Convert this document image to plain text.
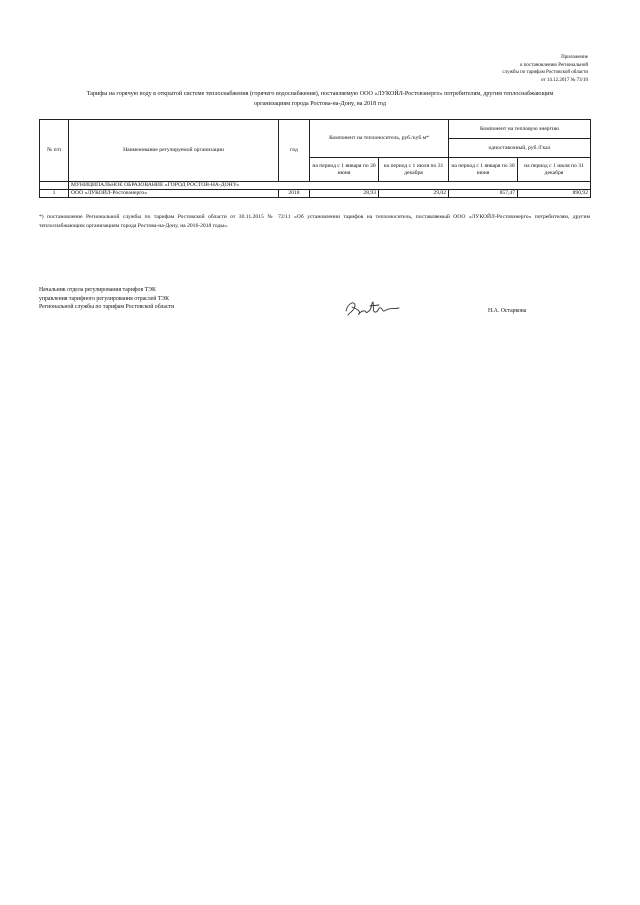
Приложение
к постановлению Региональной
службы по тарифам Ростовской области
от 14.12.2017 № 73/10
Тарифы на горячую воду в открытой системе теплоснабжения (горячего водоснабжения), поставляемую ООО «ЛУКОЙЛ-Ростовэнерго» потребителям, другим теплоснабжающим
организациям города Ростова-на-Дону, на 2018 год
№ п/п	Наименование регулируемой организации	год	Компонент на теплоноситель, руб./куб.м*		Компонент на тепловую энергию	
					одноставочный, руб./Гкал	
			на период с 1 января по 30 июня	на период с 1 июля по 31 декабря	на период с 1 января по 30 июня	на период с 1 июля по 31 декабря
	МУНИЦИПАЛЬНОЕ ОБРАЗОВАНИЕ «ГОРОД РОСТОВ-НА-ДОНУ»					
1	ООО «ЛУКОЙЛ-Ростовэнерго»	2018	28,93	29,02	857,47	890,92
*) постановление Региональной службы по тарифам Ростовской области от 30.11.2015 № 72/11 «Об установлении тарифов на теплоноситель, поставляемый ООО «ЛУКОЙЛ-Ростовэнерго» потребителям, другим теплоснабжающим организациям города Ростова-на-Дону, на 2016-2018 годы».
Начальник отдела регулирования тарифов ТЭК
управления тарифного регулирования отраслей ТЭК
Региональной службы по тарифам Ростовской области
Н.А. Остаркова
